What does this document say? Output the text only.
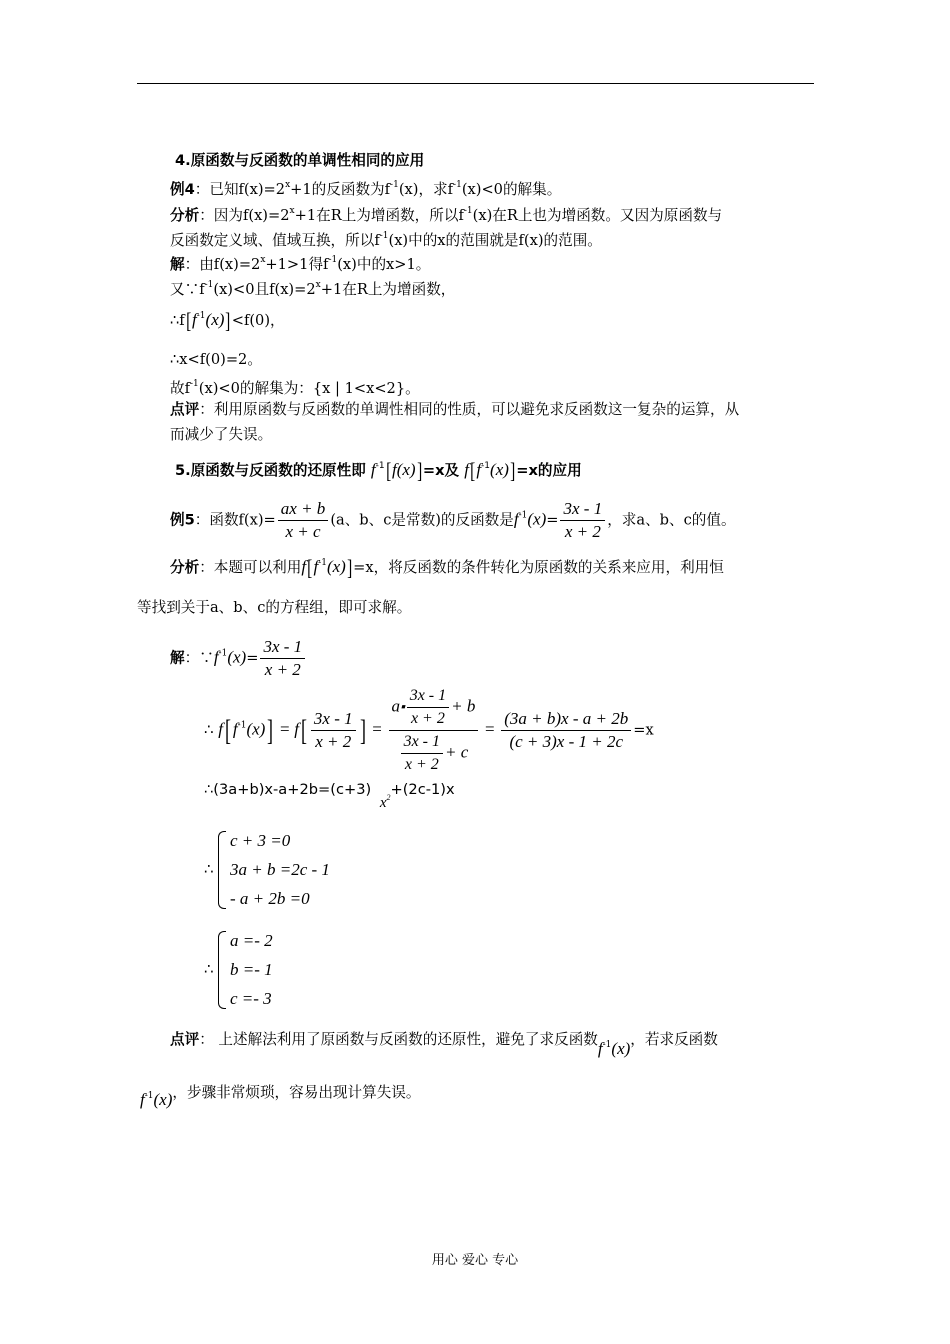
4.原函数与反函数的单调性相同的应用
例4：已知$f(x)=2^x+1$的反函数为$f^{-1}(x)$，求$f^{-1}(x)<0$的解集。
分析：因为$f(x)=2^x+1$在R上为增函数，所以$f^{-1}(x)$在R上也为增函数。又因为原函数与
反函数定义域、值域互换，所以$f^{-1}(x)$中的x的范围就是f(x)的范围。
解：由$f(x)=2^x+1>1$得$f^{-1}(x)$中的x>1。
又$\because f^{-1}(x)<0$且$f(x)=2^x+1$在R上为增函数，
$\therefore f[f^{-1}(x)]<f(0)$，
∴x<f(0)=2。
故$f^{-1}(x)<0$的解集为：{x | 1<x<2}。
点评：利用原函数与反函数的单调性相同的性质，可以避免求反函数这一复杂的运算，从
而减少了失误。
5.原函数与反函数的还原性即 $f^{-1}[f(x)]=x$及 $f[f^{-1}(x)]=x$的应用
例5：函数$f(x)= \frac{ax + b}{x + c} (a$、b、c是常数)的反函数是$f^{-1}(x)= \frac{3x - 1}{x + 2}$ ，求a、b、c的值。
分析：本题可以利用$f[f^{-1}(x)]=x$，将反函数的条件转化为原函数的关系来应用，利用恒
等找到关于a、b、c的方程组，即可求解。
解：$\because f^{-1}(x)= \frac{3x - 1}{x + 2}$
∴ f[ $f^{-1}(x)] = f[ \frac{3x - 1}{x + 2}$ ] = $\frac{a⬝ \frac{3x - 1}{x + 2} + b}{\frac{3x - 1}{x + 2} + c} = \frac{(3a + b)x - a + 2b}{(c + 3)x - 1 + 2c} =x$
∴(3a+b)x-a+2b=(c+3) $x^2+(2c-1)x$
∴
c + 3 =0
3a + b =2c - 1
- a + 2b =0
∴
a =- 2
b =- 1
c =- 3
点评： 上述解法利用了原函数与反函数的还原性，避免了求反函数$f^{-1}(x)$，若求反函数
$f^{-1}(x)$，步骤非常烦琐，容易出现计算失误。
用心 爱心 专心
